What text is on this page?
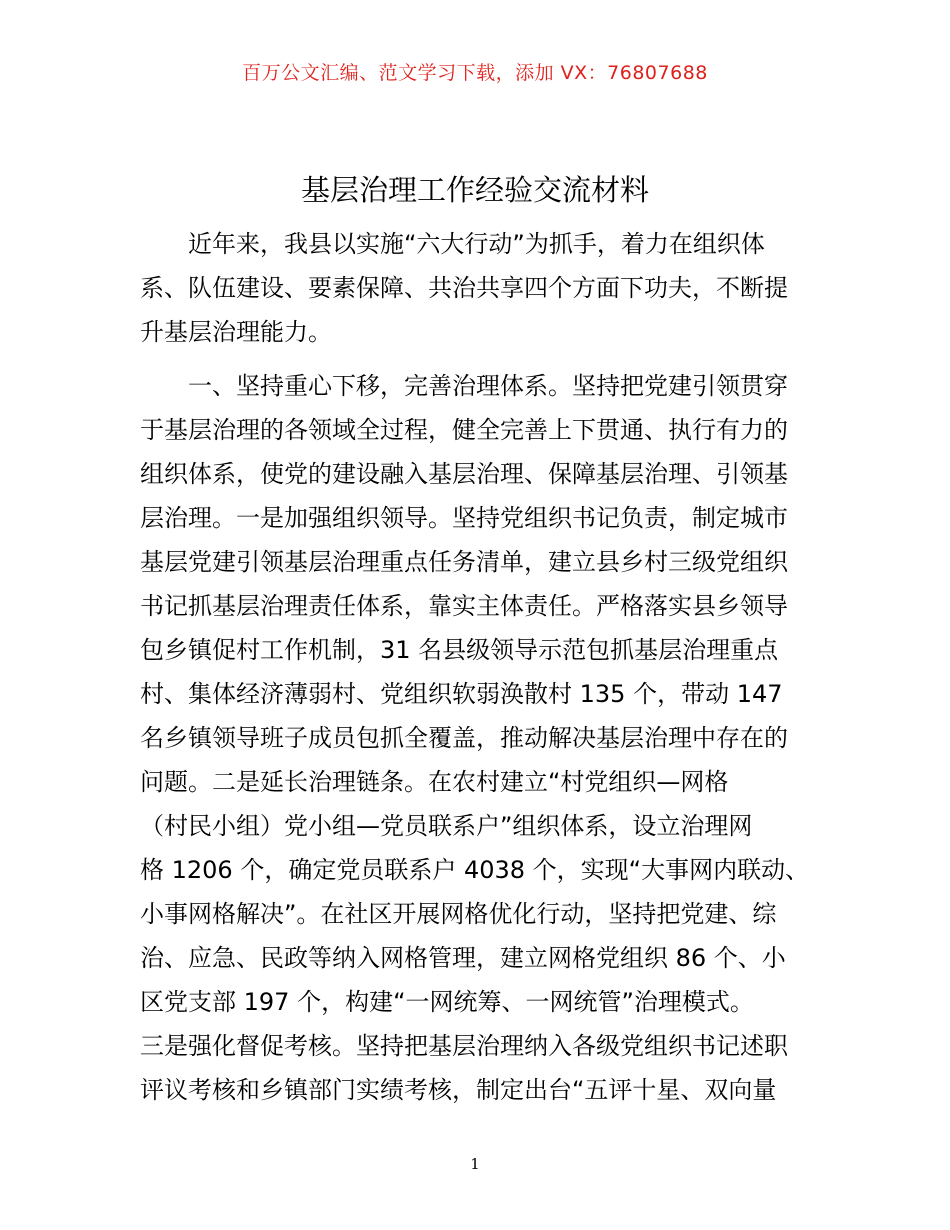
百万公文汇编、范文学习下载，添加 VX：76807688
基层治理工作经验交流材料
近年来，我县以实施“六大行动”为抓手，着力在组织体
系、队伍建设、要素保障、共治共享四个方面下功夫，不断提
升基层治理能力。
一、坚持重心下移，完善治理体系。坚持把党建引领贯穿
于基层治理的各领域全过程，健全完善上下贯通、执行有力的
组织体系，使党的建设融入基层治理、保障基层治理、引领基
层治理。一是加强组织领导。坚持党组织书记负责，制定城市
基层党建引领基层治理重点任务清单，建立县乡村三级党组织
书记抓基层治理责任体系，靠实主体责任。严格落实县乡领导
包乡镇促村工作机制，31 名县级领导示范包抓基层治理重点
村、集体经济薄弱村、党组织软弱涣散村 135 个，带动 147
名乡镇领导班子成员包抓全覆盖，推动解决基层治理中存在的
问题。二是延长治理链条。在农村建立“村党组织—网格
（村民小组）党小组—党员联系户”组织体系，设立治理网
格 1206 个，确定党员联系户 4038 个，实现“大事网内联动、
小事网格解决”。在社区开展网格优化行动，坚持把党建、综
治、应急、民政等纳入网格管理，建立网格党组织 86 个、小
区党支部 197 个，构建“一网统筹、一网统管”治理模式。
三是强化督促考核。坚持把基层治理纳入各级党组织书记述职
评议考核和乡镇部门实绩考核，制定出台“五评十星、双向量
1
